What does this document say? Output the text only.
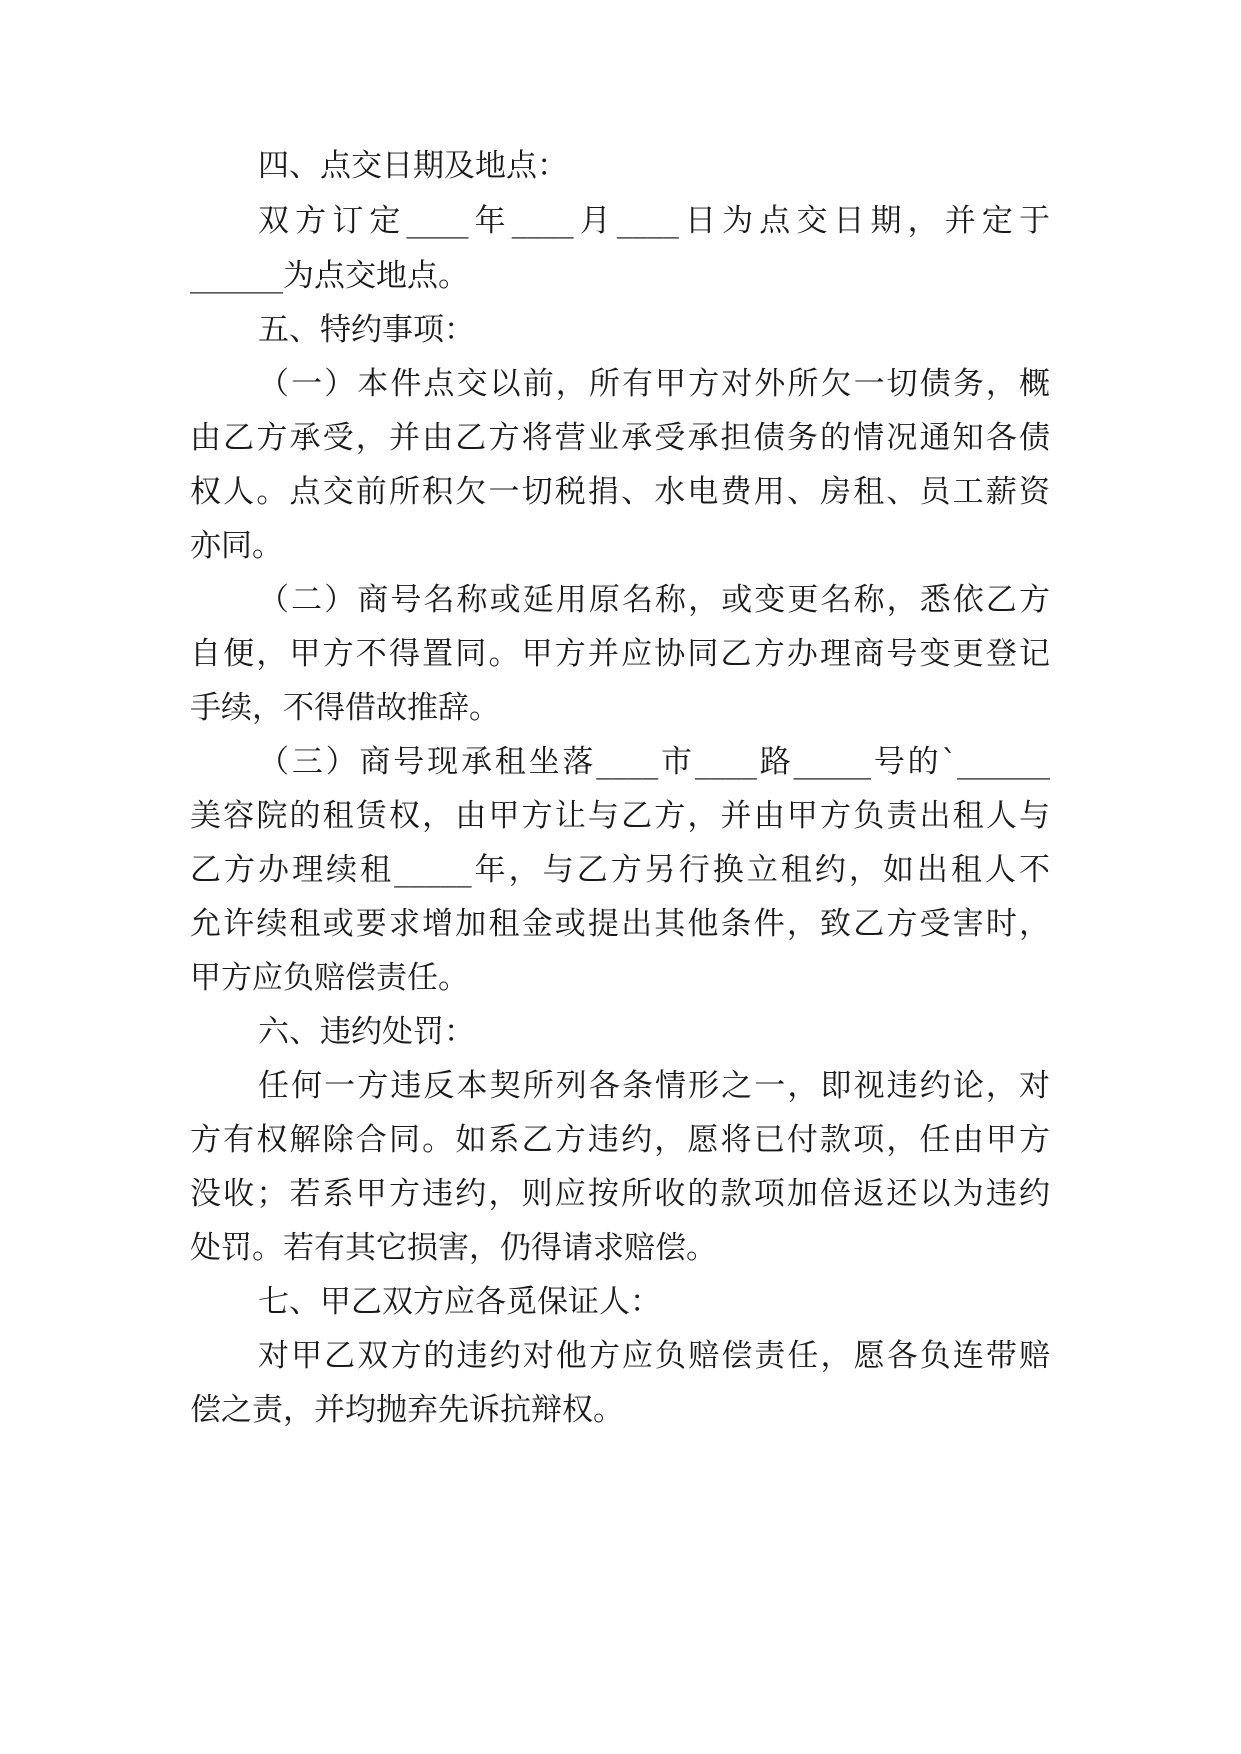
四、点交日期及地点：
双方订定____年____月____日为点交日期，并定于
______为点交地点。
五、特约事项：
（一）本件点交以前，所有甲方对外所欠一切债务，概
由乙方承受，并由乙方将营业承受承担债务的情况通知各债
权人。点交前所积欠一切税捐、水电费用、房租、员工薪资
亦同。
（二）商号名称或延用原名称，或变更名称，悉依乙方
自便，甲方不得置同。甲方并应协同乙方办理商号变更登记
手续，不得借故推辞。
（三）商号现承租坐落____市____路_____号的`______
美容院的租赁权，由甲方让与乙方，并由甲方负责出租人与
乙方办理续租_____年，与乙方另行换立租约，如出租人不
允许续租或要求增加租金或提出其他条件，致乙方受害时，
甲方应负赔偿责任。
六、违约处罚：
任何一方违反本契所列各条情形之一，即视违约论，对
方有权解除合同。如系乙方违约，愿将已付款项，任由甲方
没收；若系甲方违约，则应按所收的款项加倍返还以为违约
处罚。若有其它损害，仍得请求赔偿。
七、甲乙双方应各觅保证人：
对甲乙双方的违约对他方应负赔偿责任，愿各负连带赔
偿之责，并均抛弃先诉抗辩权。
